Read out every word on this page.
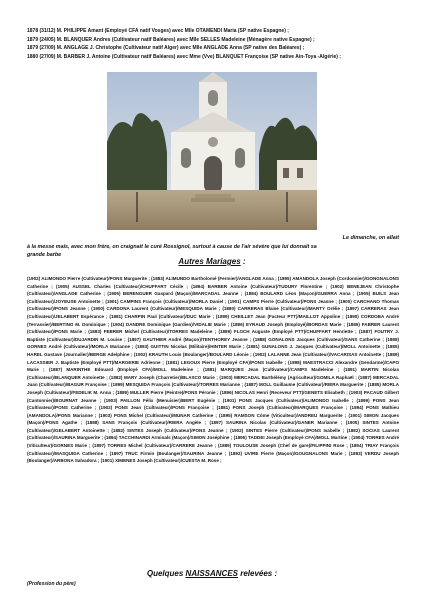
1878 (31/12) M. PHILIPPE Amant (Employé CFA natif Vosges) avec Mlle OTAMENDI Maria (SP native Espagne) ;

1879 (24/05) M. BLANQUER Andres (Cultivateur natif Baléares) avec Mlle SELLES Madeleine (Ménagère native Espagne) ;

1879 (27/09) M. ANGLAGE J. Christophe (Cultivateur natif Alger) avec Mlle ANGLADE Anna (SP native des Baléares) ;

1880 (27/09) M. BARBER J. Antoine (Cultivateur natif Baléares) avec Mme (Vve) BLANQUET Françoise (SP native Ain-Toya -Algérie) ;

Le dimanche, on allait
à la messe mais, avec mon frère, on craignait le curé Rossignol, surtout à cause de l'air sévère que lui donnait sa
grande barbe
Autres Mariages :
(1902) ALIMONDO Pierre (Cultivateur)/PONS Marguerite ; (1883) ALIMUNDO Bartholomé (Fermier)/ANGLADE Anna ; (1895) AMANDOLA Joseph (Cordonnier)/GONGNALONS Catherine ; (1905) AUSSEL Charles (Cultivateur)/CHUFFART Cécile ; (1894) BARBER Antoine (Cultivateur)/TUDURY Florentine ; (1902) BENEJEAN Christophe (Cultivateur)/ANGLADE Catherine ; (1905) BERENGUER Gaspard (Maçon)/MARCADAL Jeanne ; (1884) BOULARD Léon (Maçon)/GUERRA Anna ; (1905) BUILS Jean (Cultivateur)/JOYEUSE Antoinette ; (1901) CAMPINS François (Cultivateur)/MORLA Daniel ; (1901) CAMPS Pierre (Cultivateur)/PONS Jeanne ; (1900) CARCHANO Thomas (Cultivateur)/PONS Jeanne ; (1900) CARDONA Laurent (Cultivateur)/MESQUIDA Marie ; (1880) CARRERAS Blaise (Cultivateur)/MARTY Orélie ; (1897) CARRERAS Jean (Cultivateur)/JELABERT Espérance ; (1881) CHARPIN Paul (Cultivateur)/DUC Marie ; (1899) CHEILLET Jean (Facteur PTT)/MAILLOT Appoline ; (1890) CORDOBA André (Terrassier)/BERTINO M. Dominique ; (1904) DANDRE Dominique (Gardien)/VIDALIE Marie ; (1886) EYRAUD Joseph (Employé)/BORDAS Marie ; (1885) FABRER Laurent (Cultivateur)/PONS Marie ; (1883) FEBRER Michel (Cultivateur)/TORRES Madeleine ; (1889) FLOCH Auguste (Employé PTT)/CHUFFART Henriette ; (1887) FOUTRY J. Baptiste (Cultivateur)/DUJARDIN M. Louise ; (1897) GAUTHIER André (Maçon)/TENTHOREY Jeanne ; (1888) GONALONS Jacques (Cultivateur)/SANS Catherine ; (1888) GORNES André (Cultivateur)/MORLA Marianne ; (1893) GUITTIN Nicolas (Militaire)/HINTER Marie ; (1881) GUNALONS J. Jacques (Cultivateur)/MOLL Antoinette ; (1885) HAREL Gustave (Journalier)/BERGE Adelphine ; (1902) KRAUTH Louis (Boulanger)/BOULARD Léonie ; (1902) LALANNE Jean (Cultivateur)/VACARISAS Antoinette ; (1889) LACASSIER J. Baptiste (Employé PTT)/MARGERIE Adrienne ; (1881) LEGOUX Pierre (Employé CFA)/PONS Isabelle ; (1898) MAESTRACCI Alexandre (Gendarme)/CAPO Marie ; (1887) MARINTHE Edouard (Employé CFA)/MOLL Madeleine ; (1881) MARQUES Jean (Cultivateur)/CAMPS Madeleine ; (1891) MARTIN Nicolas (Cultivateur)/BLANQUER Antoinette ; (1882) MARY Joseph (Charretier)/BLASCO Marie ; (1903) MERCADAL Barthélémy (Agriculteur)/GOMILA Raphaël ; (1887) MERCADAL Juan (Cultivateur)/BAGUR Françoise ; (1899) MESQUIDA François (Cultivateur)/TORRES Marianne ; (1887) MOLL Guillaume (Cultivateur)/RIERA Marguerite ; (1885) MORLA Joseph (Cultivateur)/FEDELIK M. Anna ; (1889) MULLER Pierre (Peintre)/PONS Péronie ; (1896) NICOLAS Henri (Receveur PTT)/GENETS Elisabeth ; (1903) PACAUD Gilbert (Cantonnier)/BOURNAT Jeanne ; (1903) PAILLON Félix (Menuisier)/BERT Eugénie ; (1901) PONS Jacques (Cultivateur)/ALIMONDO Isabelle ; (1899) PONS Jean (Cultivateur)/PONS Catherine ; (1902) PONS Jean (Cultivateur)/PONS Françoise ; (1881) PONS Joseph (Cultivateur)/MARQUES Françoise ; (1894) PONS Mathieu (AMANDOLA)/PONS Marianne ; (1903) PONS Michel (Cultivateur)/MUNAR Catherine ; (1895) RAMSON Côme (Viticulteur)/ANDREU Marguerite ; (1901) SIMON Jacques (Maçon)/PONS Agathe ; (1888) SANS François (Cultivateur)/RIERA Angèle ; (1897) SAURINA Nicolas (Cultivateur)/GANER Marianne ; (1905) SINTES Antoine (Cultivateur)/GELABERT Antoinette ; (1882) SINTES Joseph (Cultivateur)/PONS Jeanne ; (1902) SINTES Pierre (Cultivateur)/PONS Isabelle ; (1882) SOCIAS Laurent (Cultivateur)/SAURINA Marguerite ; (1894) TACCHINARDI Arminals (Maçon)/SIMON Joséphine ; (1895) TADDEI Joseph (Employé CFA)/MOLL Martine ; (1904) TORRES André (Viticulteur)/GORNES Marie ; (1897) TORRES Michel (Cultivateur)/CARRERE Jeanne ; (1889) TOULOUSE Joseph (Chef de gare)/FILIPPINI Rose ; (1894) TRIAY François (Cultivateur)/MASQUIDA Catherine ; (1897) TRUC Firmin (Boulanger)/SAURINA Jeanne ; (1892) UVIRE Pierre (Maçon)/GOUGNALONS Marie ; (1883) VERDU Joseph (Boulanger)/ARBONA Salvadora ; (1901) XIMENES Joseph (Cultivateur)/CUESTA M. Rose ;
Quelques NAISSANCES relevées :
(Profession du père)
